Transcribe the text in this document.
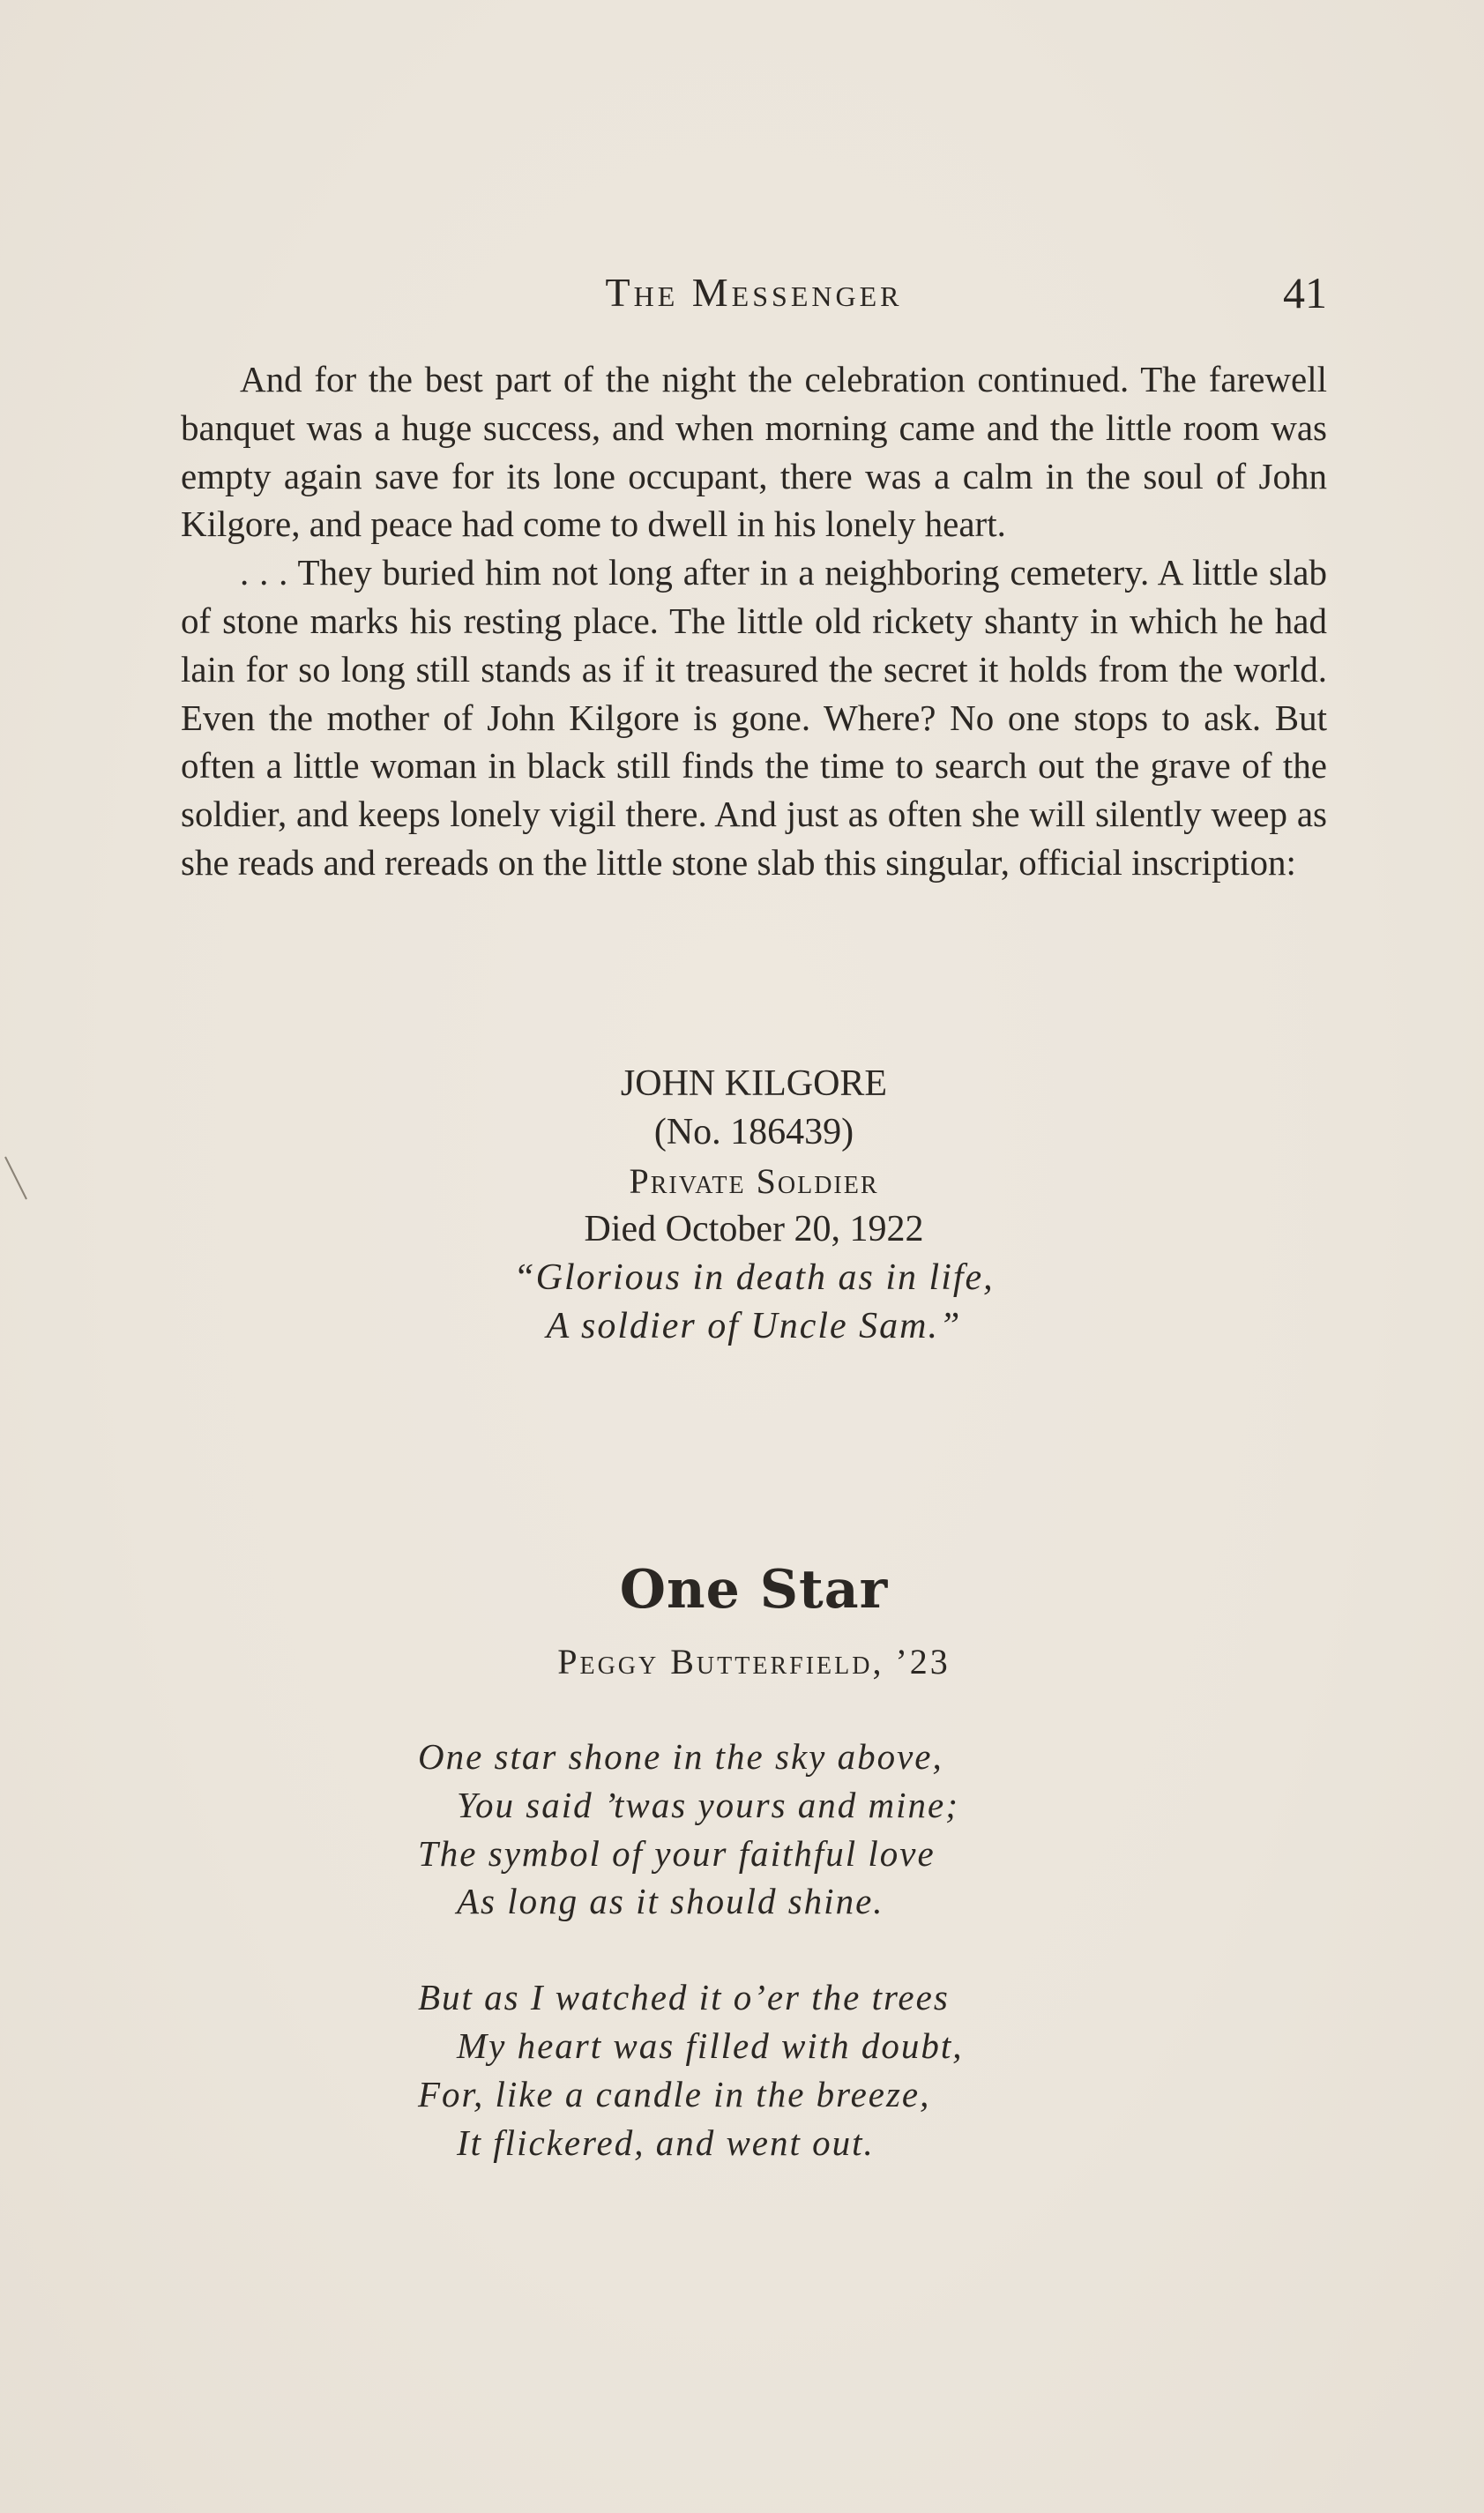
The Messenger	41

And for the best part of the night the celebration continued. The farewell banquet was a huge success, and when morning came and the little room was empty again save for its lone occupant, there was a calm in the soul of John Kilgore, and peace had come to dwell in his lonely heart.

. . . They buried him not long after in a neighboring cemetery. A little slab of stone marks his resting place. The little old rickety shanty in which he had lain for so long still stands as if it treasured the secret it holds from the world. Even the mother of John Kilgore is gone. Where? No one stops to ask. But often a little woman in black still finds the time to search out the grave of the soldier, and keeps lonely vigil there. And just as often she will silently weep as she reads and rereads on the little stone slab this singular, official inscription:

JOHN KILGORE
(No. 186439)
Private Soldier
Died October 20, 1922
“Glorious in death as in life,
A soldier of Uncle Sam.”
One Star
Peggy Butterfield, ’23
One star shone in the sky above,
You said ’twas yours and mine;
The symbol of your faithful love
As long as it should shine.
But as I watched it o’er the trees
My heart was filled with doubt,
For, like a candle in the breeze,
It flickered, and went out.
